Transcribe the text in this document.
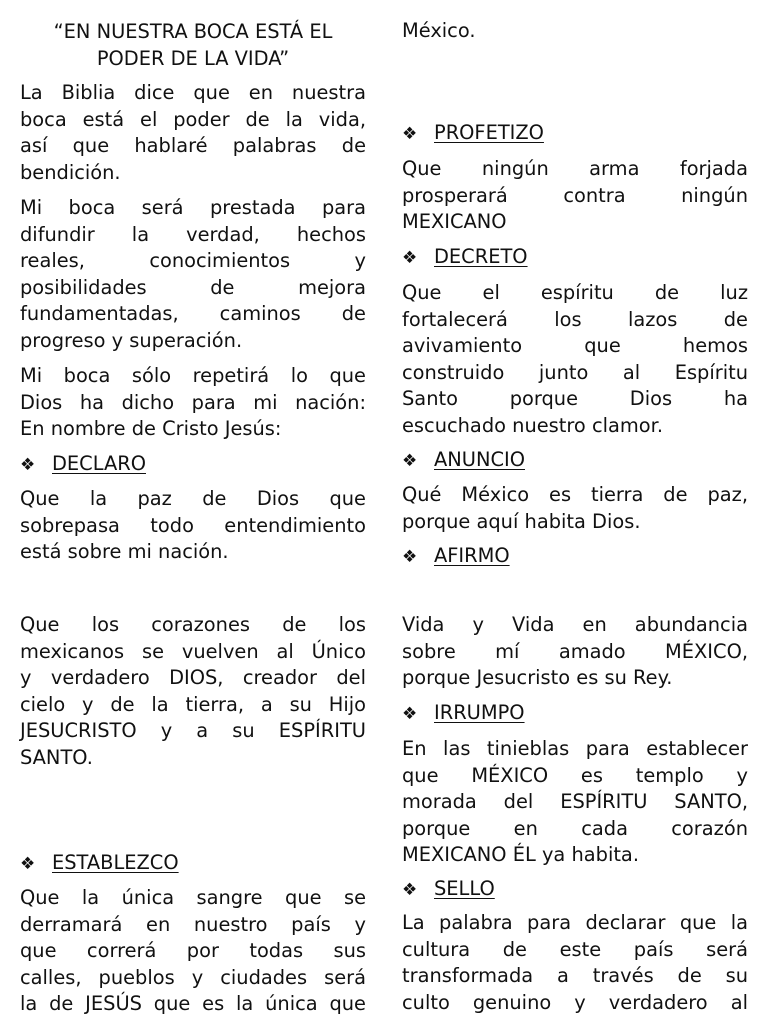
“EN NUESTRA BOCA ESTÁ EL
PODER DE LA VIDA”
La Biblia dice que en nuestra
boca está el poder de la vida,
así que hablaré palabras de
bendición.
Mi boca será prestada para
difundir la verdad, hechos
reales, conocimientos y
posibilidades de mejora
fundamentadas, caminos de
progreso y superación.
Mi boca sólo repetirá lo que
Dios ha dicho para mi nación:
En nombre de Cristo Jesús:
❖ DECLARO
Que la paz de Dios que
sobrepasa todo entendimiento
está sobre mi nación.
Que los corazones de los
mexicanos se vuelven al Único
y verdadero DIOS, creador del
cielo y de la tierra, a su Hijo
JESUCRISTO y a su ESPÍRITU
SANTO.
❖ ESTABLEZCO
Que la única sangre que se
derramará en nuestro país y
que correrá por todas sus
calles, pueblos y ciudades será
la de JESÚS que es la única que
México.
❖ PROFETIZO
Que ningún arma forjada
prosperará contra ningún
MEXICANO
❖ DECRETO
Que el espíritu de luz
fortalecerá los lazos de
avivamiento que hemos
construido junto al Espíritu
Santo porque Dios ha
escuchado nuestro clamor.
❖ ANUNCIO
Qué México es tierra de paz,
porque aquí habita Dios.
❖ AFIRMO
Vida y Vida en abundancia
sobre mí amado MÉXICO,
porque Jesucristo es su Rey.
❖ IRRUMPO
En las tinieblas para establecer
que MÉXICO es templo y
morada del ESPÍRITU SANTO,
porque en cada corazón
MEXICANO ÉL ya habita.
❖ SELLO
La palabra para declarar que la
cultura de este país será
transformada a través de su
culto genuino y verdadero al
